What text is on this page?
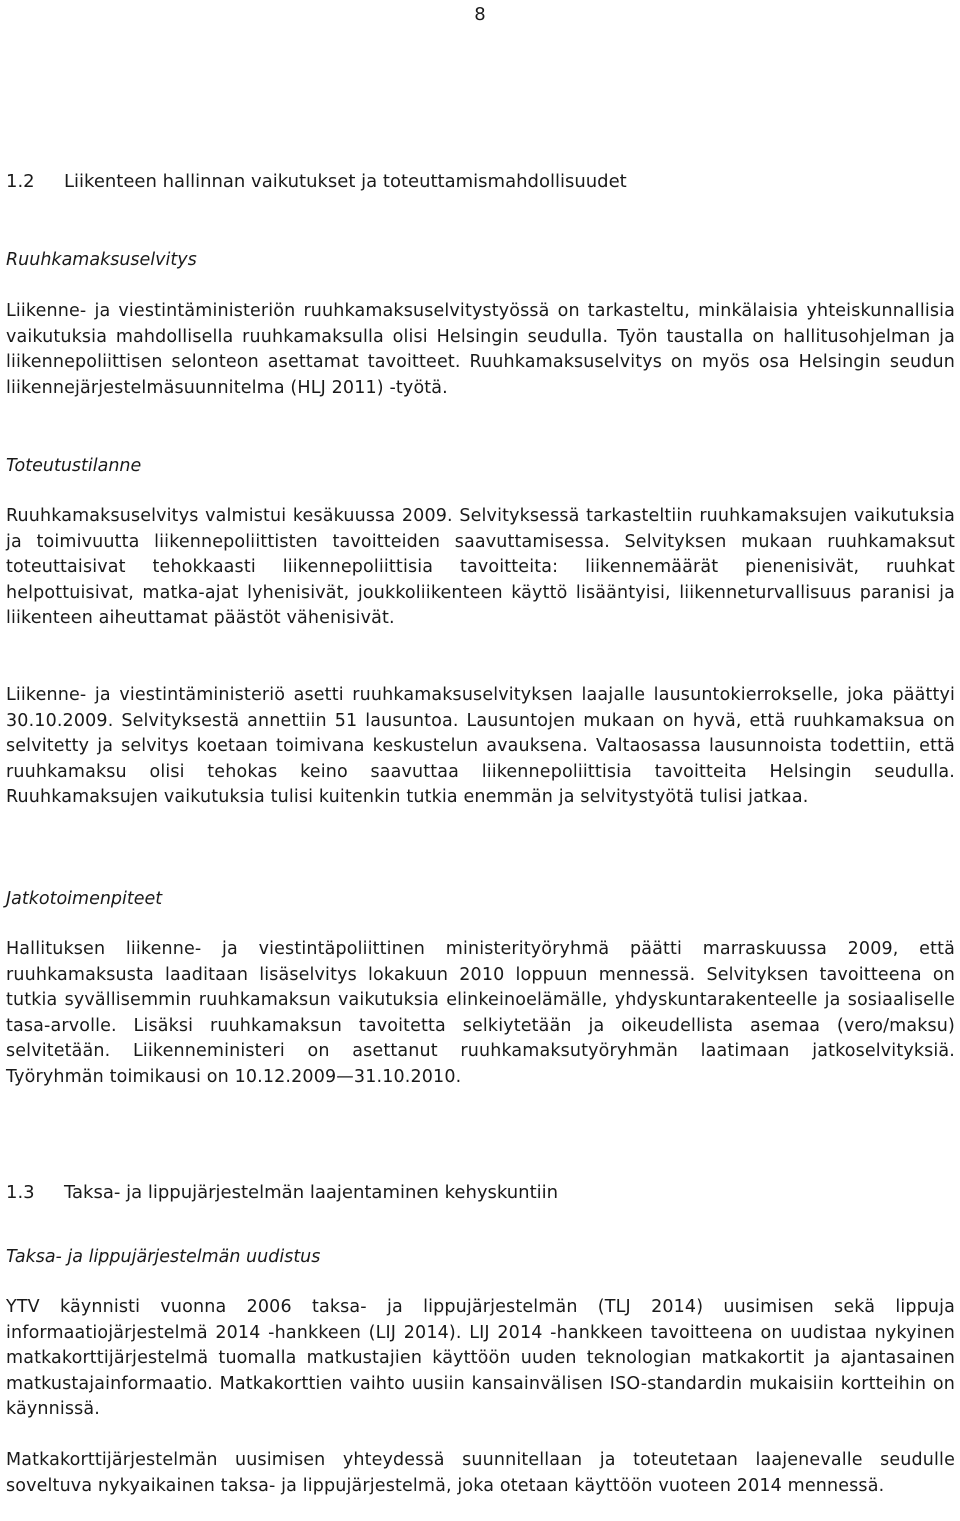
8
1.2 Liikenteen hallinnan vaikutukset ja toteuttamismahdollisuudet
Ruuhkamaksuselvitys
Liikenne- ja viestintäministeriön ruuhkamaksuselvitystyössä on tarkasteltu, minkälaisia yhteiskunnallisia vaikutuksia mahdollisella ruuhkamaksulla olisi Helsingin seudulla. Työn taustalla on hallitusohjelman ja liikennepoliittisen selonteon asettamat tavoitteet. Ruuhkamaksuselvitys on myös osa Helsingin seudun liikennejärjestelmäsuunnitelma (HLJ 2011) -työtä.
Toteutustilanne
Ruuhkamaksuselvitys valmistui kesäkuussa 2009. Selvityksessä tarkasteltiin ruuhkamaksujen vaikutuksia ja toimivuutta liikennepoliittisten tavoitteiden saavuttamisessa. Selvityksen mukaan ruuhkamaksut toteuttaisivat tehokkaasti liikennepoliittisia tavoitteita: liikennemäärät pienenisivät, ruuhkat helpottuisivat, matka-ajat lyhenisivät, joukkoliikenteen käyttö lisääntyisi, liikenneturvallisuus paranisi ja liikenteen aiheuttamat päästöt vähenisivät.
Liikenne- ja viestintäministeriö asetti ruuhkamaksuselvityksen laajalle lausuntokierrokselle, joka päättyi 30.10.2009. Selvityksestä annettiin 51 lausuntoa. Lausuntojen mukaan on hyvä, että ruuhkamaksua on selvitetty ja selvitys koetaan toimivana keskustelun avauksena. Valtaosassa lausunnoista todettiin, että ruuhkamaksu olisi tehokas keino saavuttaa liikennepoliittisia tavoitteita Helsingin seudulla. Ruuhkamaksujen vaikutuksia tulisi kuitenkin tutkia enemmän ja selvitystyötä tulisi jatkaa.
Jatkotoimenpiteet
Hallituksen liikenne- ja viestintäpoliittinen ministerityöryhmä päätti marraskuussa 2009, että ruuhkamaksusta laaditaan lisäselvitys lokakuun 2010 loppuun mennessä. Selvityksen tavoitteena on tutkia syvällisemmin ruuhkamaksun vaikutuksia elinkeinoelämälle, yhdyskuntarakenteelle ja sosiaaliselle tasa-arvolle. Lisäksi ruuhkamaksun tavoitetta selkiytetään ja oikeudellista asemaa (vero/maksu) selvitetään. Liikenneministeri on asettanut ruuhkamaksutyöryhmän laatimaan jatkoselvityksiä. Työryhmän toimikausi on 10.12.2009—31.10.2010.
1.3 Taksa- ja lippujärjestelmän laajentaminen kehyskuntiin
Taksa- ja lippujärjestelmän uudistus
YTV käynnisti vuonna 2006 taksa- ja lippujärjestelmän (TLJ 2014) uusimisen sekä lippuja informaatiojärjestelmä 2014 -hankkeen (LIJ 2014). LIJ 2014 -hankkeen tavoitteena on uudistaa nykyinen matkakorttijärjestelmä tuomalla matkustajien käyttöön uuden teknologian matkakortit ja ajantasainen matkustajainformaatio. Matkakorttien vaihto uusiin kansainvälisen ISO-standardin mukaisiin kortteihin on käynnissä.
Matkakorttijärjestelmän uusimisen yhteydessä suunnitellaan ja toteutetaan laajenevalle seudulle soveltuva nykyaikainen taksa- ja lippujärjestelmä, joka otetaan käyttöön vuoteen 2014 mennessä.
